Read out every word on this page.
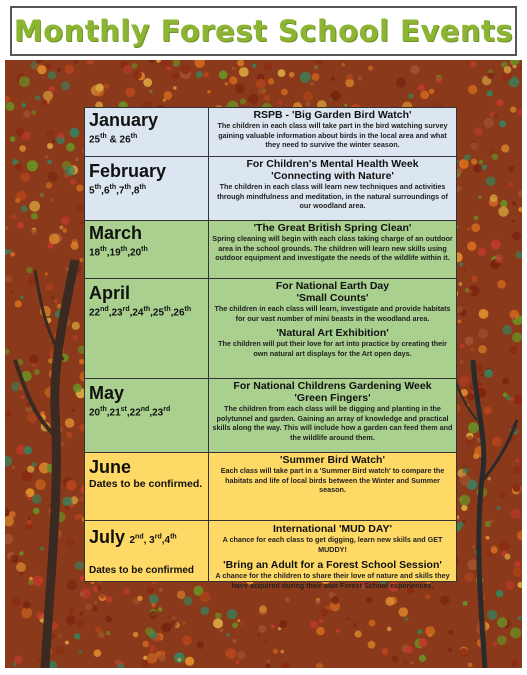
Monthly Forest School Events
January
25th & 26th
RSPB - 'Big Garden Bird Watch'
The children in each class will take part in the bird watching survey gaining valuable information about birds in the local area and what they need to survive the winter season.
February
5th,6th,7th,8th
For Children's Mental Health Week
'Connecting with Nature'
The children in each class will learn new techniques and activities through mindfulness and meditation, in the natural surroundings of our woodland area.
March
18th,19th,20th
'The Great British Spring Clean'
Spring cleaning will begin with each class taking charge of an outdoor area in the school grounds. The children will learn new skills using outdoor equipment and investigate the needs of the wildlife within it.
April
22nd,23rd,24th,25th,26th
For National Earth Day
'Small Counts'
The children in each class will learn, investigate and provide habitats for our vast number of mini beasts in the woodland area.
'Natural Art Exhibition'
The children will put their love for art into practice by creating their own natural art displays for the Art open days.
May
20th,21st,22nd,23rd
For National Childrens Gardening Week
'Green Fingers'
The children from each class will be digging and planting in the polytunnel and garden. Gaining an array of knowledge and practical skills along the way. This will include how a garden can feed them and the wildlife around them.
June
Dates to be confirmed.
'Summer Bird Watch'
Each class will take part in a 'Summer Bird watch' to compare the habitats and life of local birds between the Winter and Summer season.
July 2nd, 3rd,4th
Dates to be confirmed
International 'MUD DAY'
A chance for each class to get digging, learn new skills and GET MUDDY!
'Bring an Adult for a Forest School Session'
A chance for the children to share their love of nature and skills they have acquired during their own Forest School experiences.
